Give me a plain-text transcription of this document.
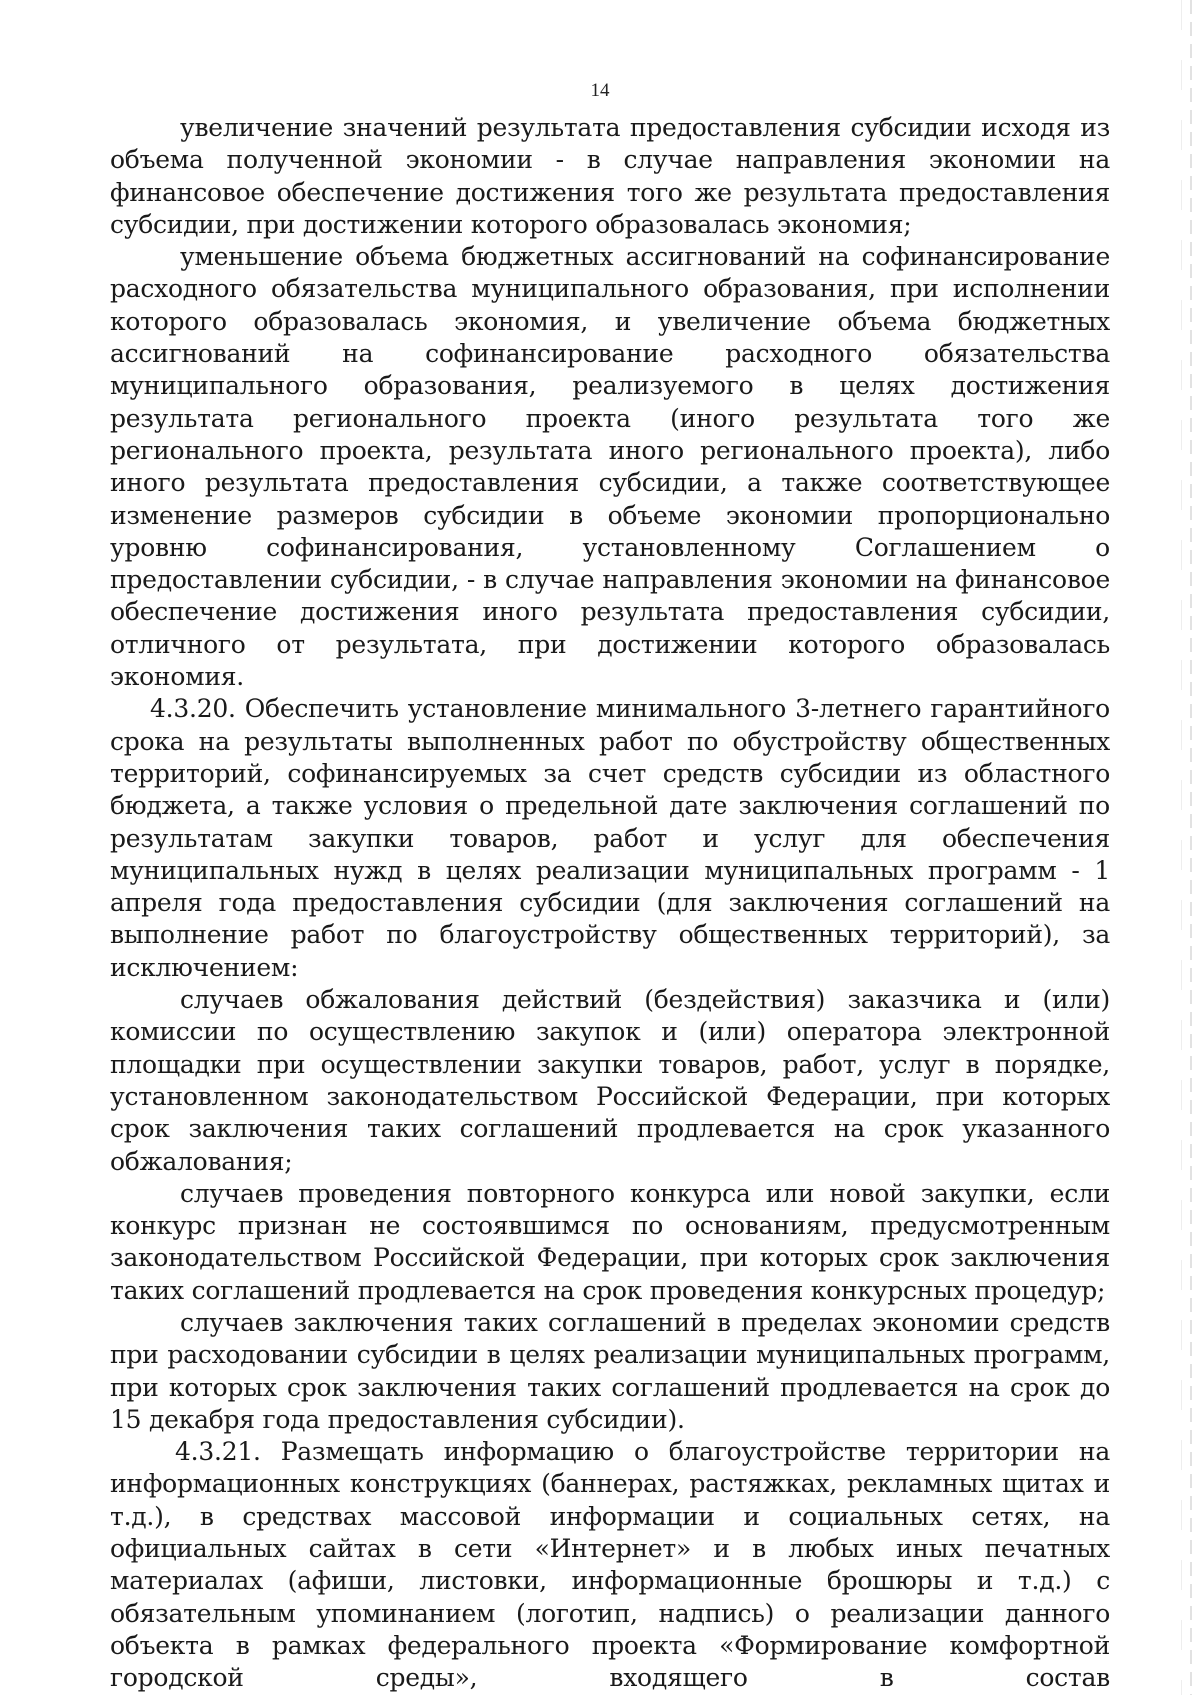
14

увеличение значений результата предоставления субсидии исходя из объема полученной экономии - в случае направления экономии на финансовое обеспечение достижения того же результата предоставления субсидии, при достижении которого образовалась экономия;

уменьшение объема бюджетных ассигнований на софинансирование расходного обязательства муниципального образования, при исполнении которого образовалась экономия, и увеличение объема бюджетных ассигнований на софинансирование расходного обязательства муниципального образования, реализуемого в целях достижения результата регионального проекта (иного результата того же регионального проекта, результата иного регионального проекта), либо иного результата предоставления субсидии, а также соответствующее изменение размеров субсидии в объеме экономии пропорционально уровню софинансирования, установленному Соглашением о предоставлении субсидии, - в случае направления экономии на финансовое обеспечение достижения иного результата предоставления субсидии, отличного от результата, при достижении которого образовалась экономия.

4.3.20. Обеспечить установление минимального 3-летнего гарантийного срока на результаты выполненных работ по обустройству общественных территорий, софинансируемых за счет средств субсидии из областного бюджета, а также условия о предельной дате заключения соглашений по результатам закупки товаров, работ и услуг для обеспечения муниципальных нужд в целях реализации муниципальных программ - 1 апреля года предоставления субсидии (для заключения соглашений на выполнение работ по благоустройству общественных территорий), за исключением:

случаев обжалования действий (бездействия) заказчика и (или) комиссии по осуществлению закупок и (или) оператора электронной площадки при осуществлении закупки товаров, работ, услуг в порядке, установленном законодательством Российской Федерации, при которых срок заключения таких соглашений продлевается на срок указанного обжалования;

случаев проведения повторного конкурса или новой закупки, если конкурс признан не состоявшимся по основаниям, предусмотренным законодательством Российской Федерации, при которых срок заключения таких соглашений продлевается на срок проведения конкурсных процедур;

случаев заключения таких соглашений в пределах экономии средств при расходовании субсидии в целях реализации муниципальных программ, при которых срок заключения таких соглашений продлевается на срок до 15 декабря года предоставления субсидии).

4.3.21. Размещать информацию о благоустройстве территории на информационных конструкциях (баннерах, растяжках, рекламных щитах и т.д.), в средствах массовой информации и социальных сетях, на официальных сайтах в сети «Интернет» и в любых иных печатных материалах (афиши, листовки, информационные брошюры и т.д.) с обязательным упоминанием (логотип, надпись) о реализации данного объекта в рамках федерального проекта «Формирование комфортной городской среды», входящего в состав
